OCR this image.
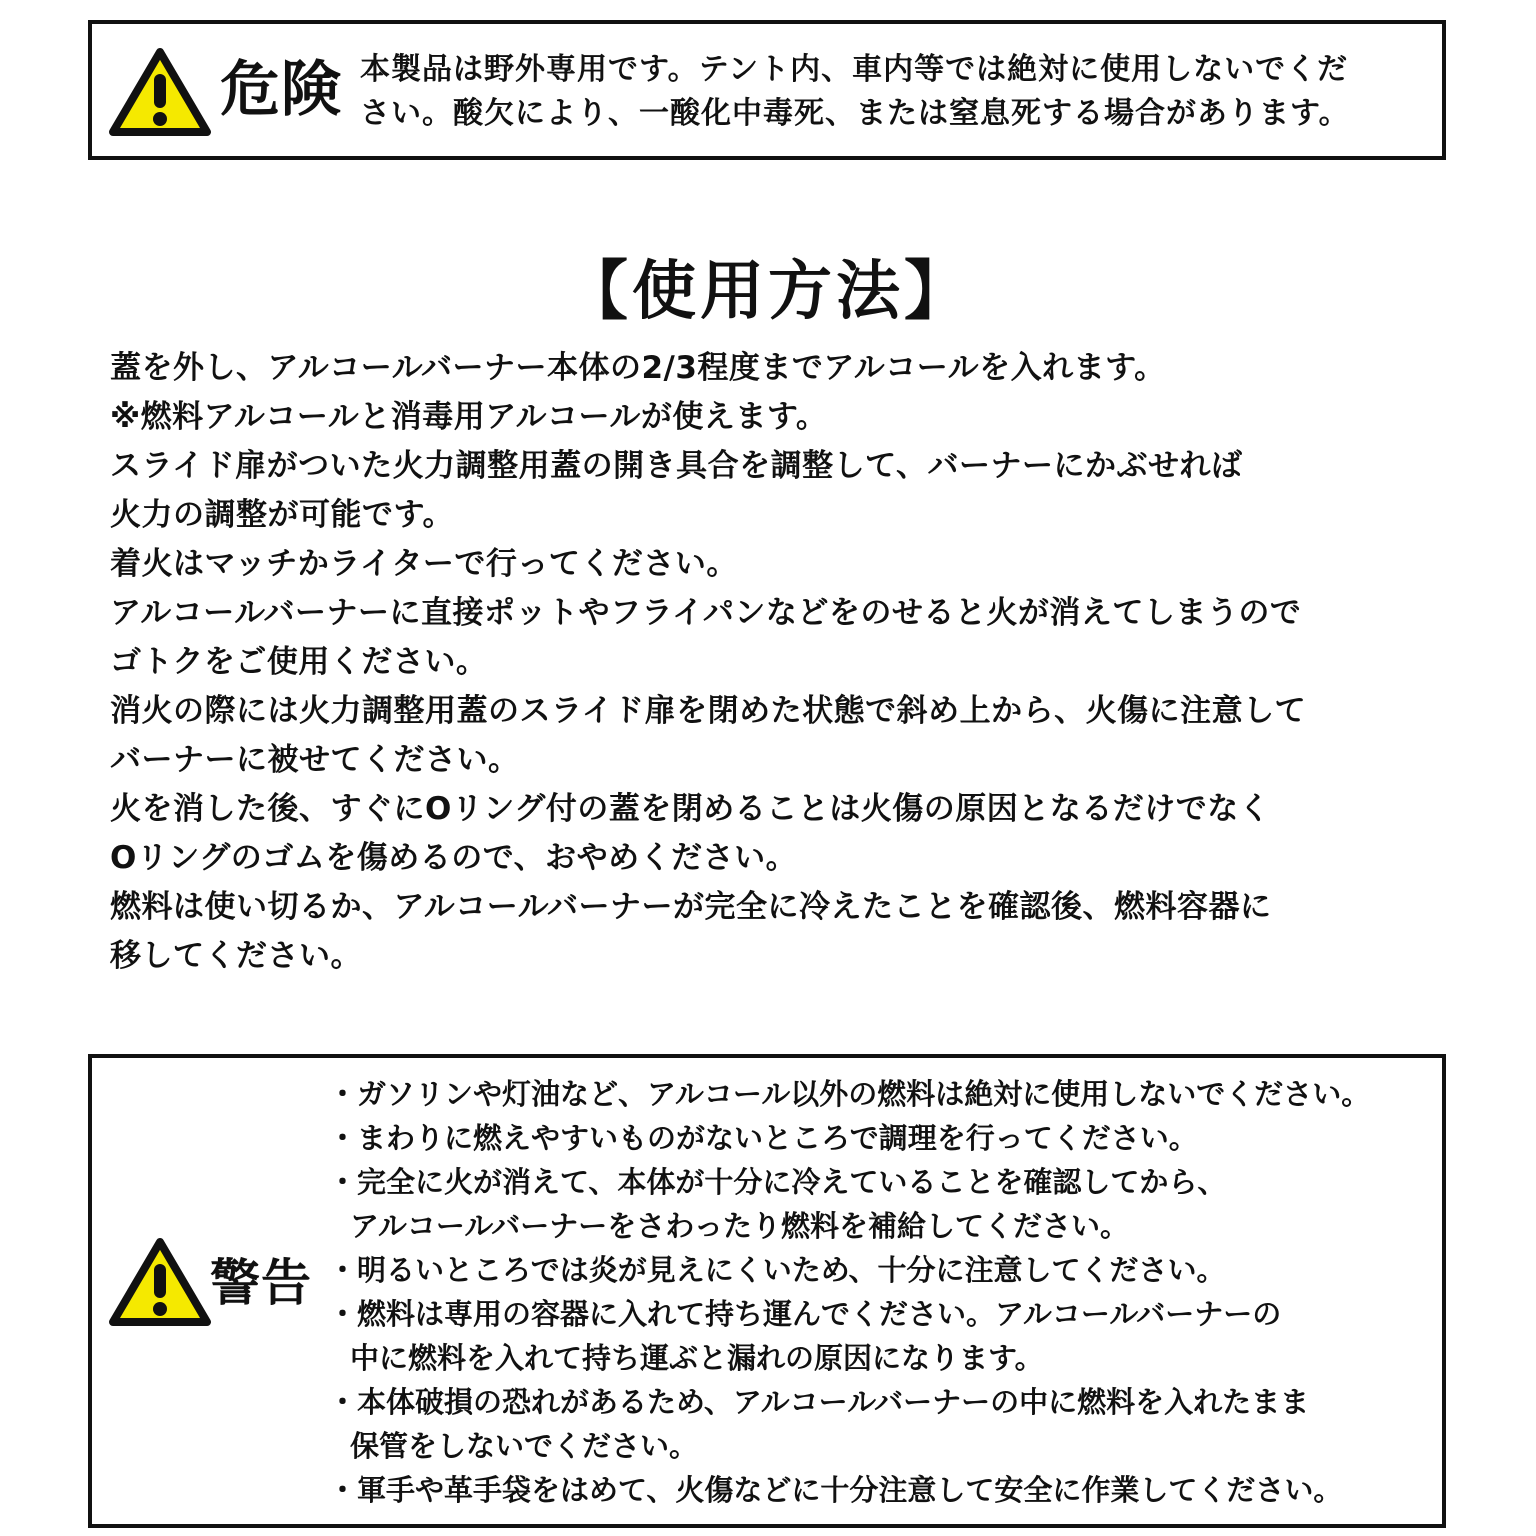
危険 本製品は野外専用です。テント内、車内等では絶対に使用しないでくだ
さい。酸欠により、一酸化中毒死、または窒息死する場合があります。
【使用方法】
蓋を外し、アルコールバーナー本体の2/3程度までアルコールを入れます。
※燃料アルコールと消毒用アルコールが使えます。
スライド扉がついた火力調整用蓋の開き具合を調整して、バーナーにかぶせれば
火力の調整が可能です。
着火はマッチかライターで行ってください。
アルコールバーナーに直接ポットやフライパンなどをのせると火が消えてしまうので
ゴトクをご使用ください。
消火の際には火力調整用蓋のスライド扉を閉めた状態で斜め上から、火傷に注意して
バーナーに被せてください。
火を消した後、すぐにOリング付の蓋を閉めることは火傷の原因となるだけでなく
Oリングのゴムを傷めるので、おやめください。
燃料は使い切るか、アルコールバーナーが完全に冷えたことを確認後、燃料容器に
移してください。
警告
・ガソリンや灯油など、アルコール以外の燃料は絶対に使用しないでください。
・まわりに燃えやすいものがないところで調理を行ってください。
・完全に火が消えて、本体が十分に冷えていることを確認してから、
アルコールバーナーをさわったり燃料を補給してください。
・明るいところでは炎が見えにくいため、十分に注意してください。
・燃料は専用の容器に入れて持ち運んでください。アルコールバーナーの
中に燃料を入れて持ち運ぶと漏れの原因になります。
・本体破損の恐れがあるため、アルコールバーナーの中に燃料を入れたまま
保管をしないでください。
・軍手や革手袋をはめて、火傷などに十分注意して安全に作業してください。
